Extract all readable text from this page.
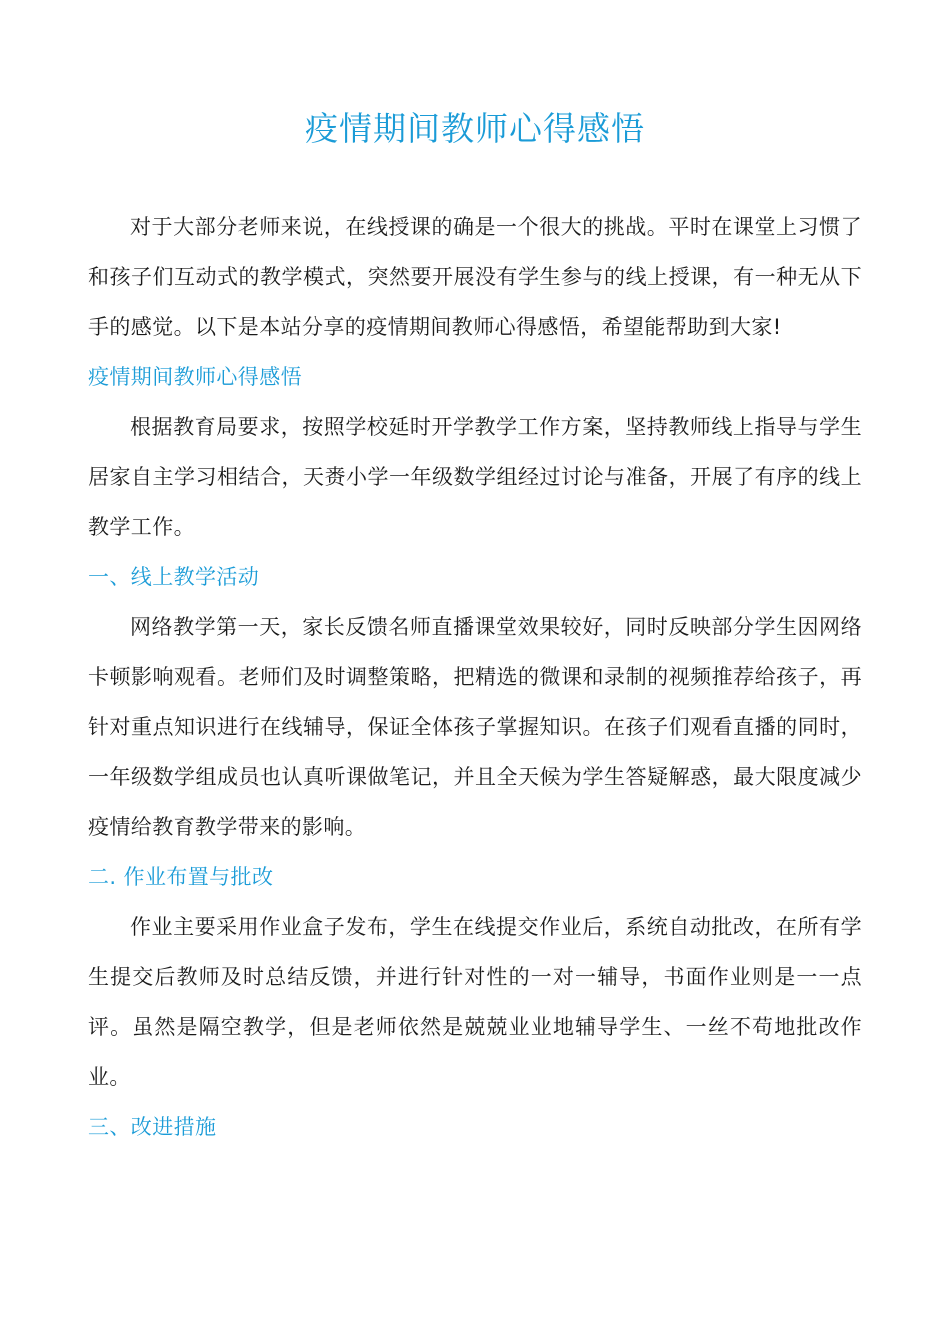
疫情期间教师心得感悟

对于大部分老师来说，在线授课的确是一个很大的挑战。平时在课堂上习惯了和孩子们互动式的教学模式，突然要开展没有学生参与的线上授课，有一种无从下手的感觉。以下是本站分享的疫情期间教师心得感悟，希望能帮助到大家!

疫情期间教师心得感悟

根据教育局要求，按照学校延时开学教学工作方案，坚持教师线上指导与学生居家自主学习相结合，天赉小学一年级数学组经过讨论与准备，开展了有序的线上教学工作。

一、线上教学活动

网络教学第一天，家长反馈名师直播课堂效果较好，同时反映部分学生因网络卡顿影响观看。老师们及时调整策略，把精选的微课和录制的视频推荐给孩子，再针对重点知识进行在线辅导，保证全体孩子掌握知识。在孩子们观看直播的同时，一年级数学组成员也认真听课做笔记，并且全天候为学生答疑解惑，最大限度减少疫情给教育教学带来的影响。

二. 作业布置与批改

作业主要采用作业盒子发布，学生在线提交作业后，系统自动批改，在所有学生提交后教师及时总结反馈，并进行针对性的一对一辅导，书面作业则是一一点评。虽然是隔空教学，但是老师依然是兢兢业业地辅导学生、一丝不苟地批改作业。

三、改进措施
